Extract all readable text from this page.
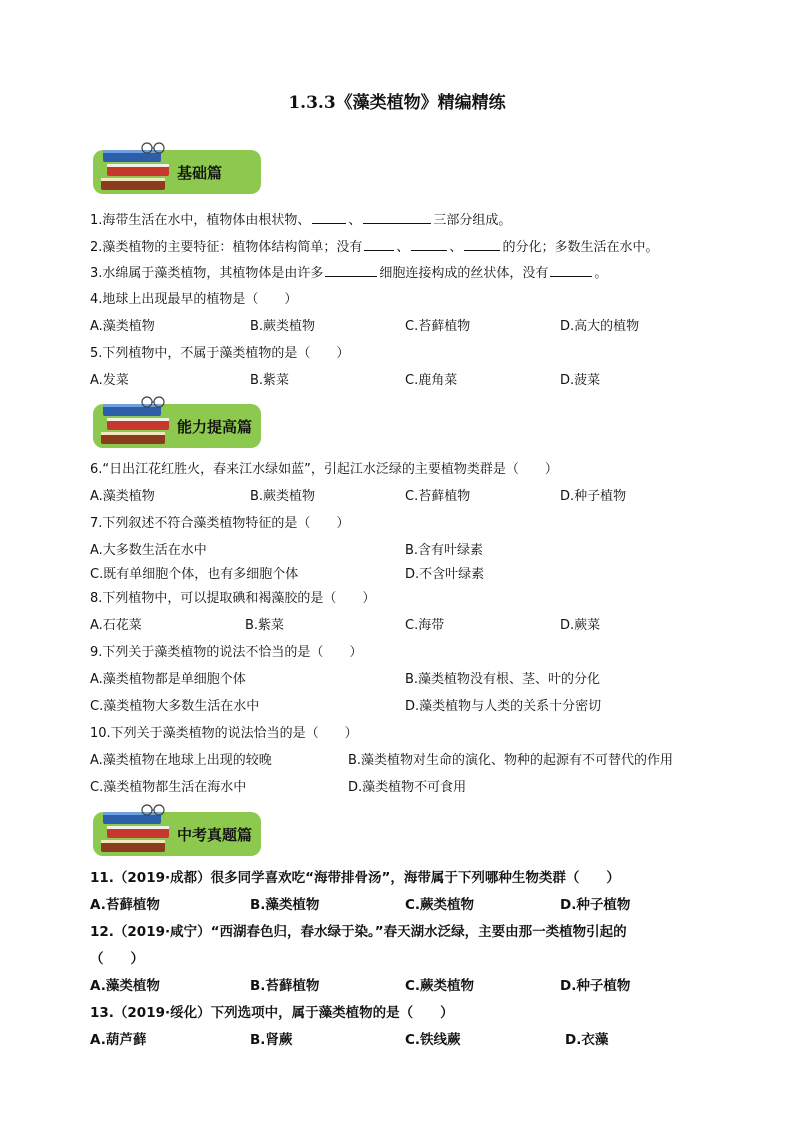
1.3.3《藻类植物》精编精练
基础篇
1.海带生活在水中，植物体由根状物、	、	三部分组成。
2.藻类植物的主要特征：植物体结构简单；没有	、	、	的分化；多数生活在水中。
3.水绵属于藻类植物，其植物体是由许多	细胞连接构成的丝状体，没有	。
4.地球上出现最早的植物是（　　）
A.藻类植物	B.蕨类植物	C.苔藓植物	D.高大的植物
5.下列植物中，不属于藻类植物的是（　　）
A.发菜	B.紫菜	C.鹿角菜	D.菠菜
能力提高篇
6.“日出江花红胜火，春来江水绿如蓝”，引起江水泛绿的主要植物类群是（　　）
A.藻类植物	B.蕨类植物	C.苔藓植物	D.种子植物
7.下列叙述不符合藻类植物特征的是（　　）
A.大多数生活在水中	B.含有叶绿素
C.既有单细胞个体，也有多细胞个体	D.不含叶绿素
8.下列植物中，可以提取碘和褐藻胶的是（　　）
A.石花菜	B.紫菜	C.海带	D.蕨菜
9.下列关于藻类植物的说法不恰当的是（　　）
A.藻类植物都是单细胞个体	B.藻类植物没有根、茎、叶的分化
C.藻类植物大多数生活在水中	D.藻类植物与人类的关系十分密切
10.下列关于藻类植物的说法恰当的是（　　）
A.藻类植物在地球上出现的较晚	B.藻类植物对生命的演化、物种的起源有不可替代的作用
C.藻类植物都生活在海水中	D.藻类植物不可食用
中考真题篇
11.（2019·成都）很多同学喜欢吃“海带排骨汤”，海带属于下列哪种生物类群（　　）
A.苔藓植物	B.藻类植物	C.蕨类植物	D.种子植物
12.（2019·咸宁）“西湖春色归，春水绿于染。”春天湖水泛绿，主要由那一类植物引起的
（　　）
A.藻类植物	B.苔藓植物	C.蕨类植物	D.种子植物
13.（2019·绥化）下列选项中，属于藻类植物的是（　　）
A.葫芦藓	B.肾蕨	C.铁线蕨	D.衣藻
